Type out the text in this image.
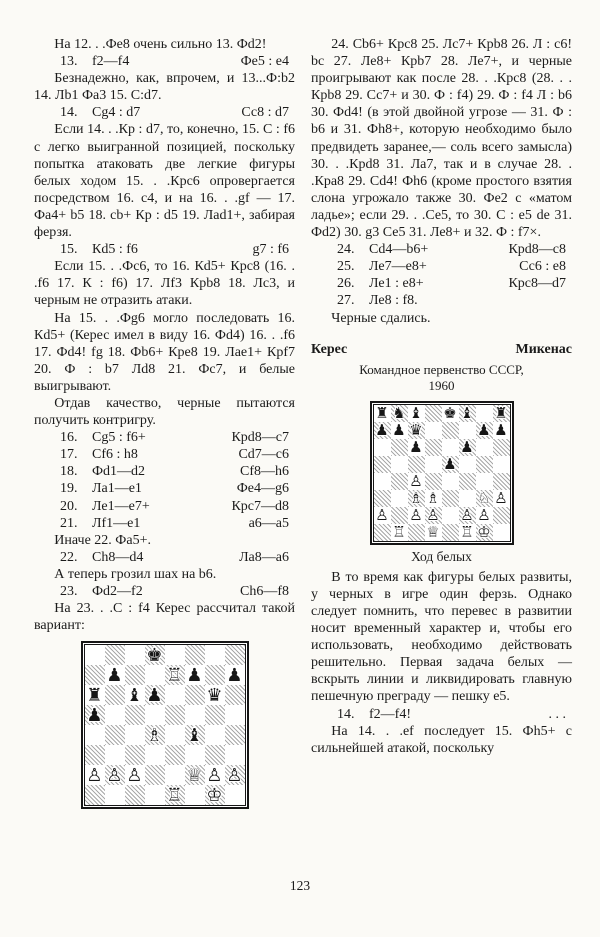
На 12. . .Фе8 очень сильно 13. Фd2!

13.	f2—f4	Фе5 : е4

Безнадежно, как, впрочем, и 13...Ф:b2 14. Лb1 Фа3 15. С:d7.

14.	Cg4 : d7	Сс8 : d7

Если 14. . .Кр : d7, то, конечно, 15. С : f6 с легко выигранной позицией, поскольку попытка атаковать две легкие фигуры белых ходом 15. . .Крс6 опровергается посредством 16. с4, и на 16. . .gf — 17. Фа4+ b5 18. cb+ Кр : d5 19. Лаd1+, забирая ферзя.

15.	Кd5 : f6	g7 : f6

Если 15. . .Фс6, то 16. Кd5+ Крс8 (16. . .f6 17. К : f6) 17. Лf3 Крb8 18. Лс3, и черным не отразить атаки.

На 15. . .Фg6 могло последовать 16. Кd5+ (Керес имел в виду 16. Фd4) 16. . .f6 17. Фd4! fg 18. Фb6+ Кре8 19. Лае1+ Крf7 20. Ф : b7 Лd8 21. Фс7, и белые выигрывают.

Отдав качество, черные пытаются получить контригру.

16.	Cg5 : f6+	Крd8—с7
17.	Cf6 : h8	Cd7—с6
18.	Фd1—d2	Cf8—h6
19.	Ла1—е1	Фе4—g6
20.	Ле1—е7+	Крс7—d8
21.	Лf1—е1	а6—а5

Иначе 22. Фа5+.

22.	Ch8—d4	Ла8—а6

А теперь грозил шах на b6.

23.	Фd2—f2	Ch6—f8

На 23. . .С : f4 Керес рассчитал такой вариант:

♚
♟ ♖ ♟ ♟
♜ ♝ ♟ ♛
♟
♗ ♝
♙ ♙ ♙ ♕ ♙ ♙
♖ ♔

24. Cb6+ Крс8 25. Лс7+ Крb8 26. Л : с6! bc 27. Ле8+ Крb7 28. Ле7+, и черные проигрывают как после 28. . .Крс8 (28. . . Крb8 29. Сс7+ и 30. Ф : f4) 29. Ф : f4 Л : b6 30. Фd4! (в этой двойной угрозе — 31. Ф : b6 и 31. Фh8+, которую необходимо было предвидеть заранее,— соль всего замысла) 30. . .Крd8 31. Ла7, так и в случае 28. . .Кра8 29. Cd4! Фh6 (кроме простого взятия слона угрожало также 30. Фе2 с «матом ладье»; если 29. . .Се5, то 30. С : е5 de 31. Фd2) 30. g3 Се5 31. Ле8+ и 32. Ф : f7×.

24.	Cd4—b6+	Крd8—с8
25.	Ле7—е8+	Сс6 : е8
26.	Ле1 : е8+	Крс8—d7
27.	Ле8 : f8.

Черные сдались.

Керес	Микенас
Командное первенство СССР,
1960
♜ ♞ ♝ ♚ ♝ ♜
♟ ♟ ♛	♟ ♟
♟	♟
♟
♙
♗ ♗	♘ ♙
♙ ♙ ♙ ♙ ♙
♖ ♕ ♖ ♔
Ход белых

В то время как фигуры белых развиты, у черных в игре один ферзь. Однако следует помнить, что перевес в развитии носит временный характер и, чтобы его использовать, необходимо действовать решительно. Первая задача белых — вскрыть линии и ликвидировать главную пешечную преграду — пешку е5.

14.	f2—f4!	. . .

На 14. . .ef последует 15. Фh5+ с сильнейшей атакой, поскольку

123
